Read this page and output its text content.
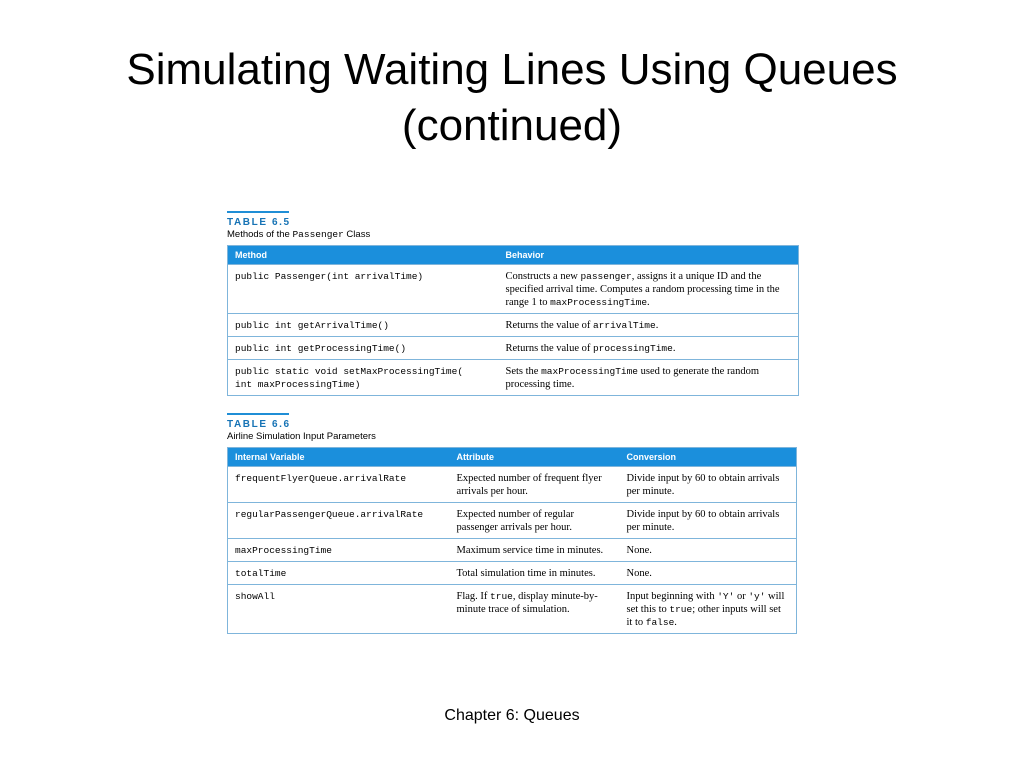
Simulating Waiting Lines Using Queues
(continued)
TABLE 6.5
Methods of the Passenger Class
Method	Behavior
public Passenger(int arrivalTime)	Constructs a new passenger, assigns it a unique ID and the specified arrival time. Computes a random processing time in the range 1 to maxProcessingTime.
public int getArrivalTime()	Returns the value of arrivalTime.
public int getProcessingTime()	Returns the value of processingTime.
public static void setMaxProcessingTime(
int maxProcessingTime)	Sets the maxProcessingTime used to generate the random processing time.
TABLE 6.6
Airline Simulation Input Parameters
Internal Variable	Attribute	Conversion
frequentFlyerQueue.arrivalRate	Expected number of frequent flyer arrivals per hour.	Divide input by 60 to obtain arrivals per minute.
regularPassengerQueue.arrivalRate	Expected number of regular passenger arrivals per hour.	Divide input by 60 to obtain arrivals per minute.
maxProcessingTime	Maximum service time in minutes.	None.
totalTime	Total simulation time in minutes.	None.
showAll	Flag. If true, display minute-by-minute trace of simulation.	Input beginning with 'Y' or 'y' will set this to true; other inputs will set it to false.
Chapter 6: Queues
